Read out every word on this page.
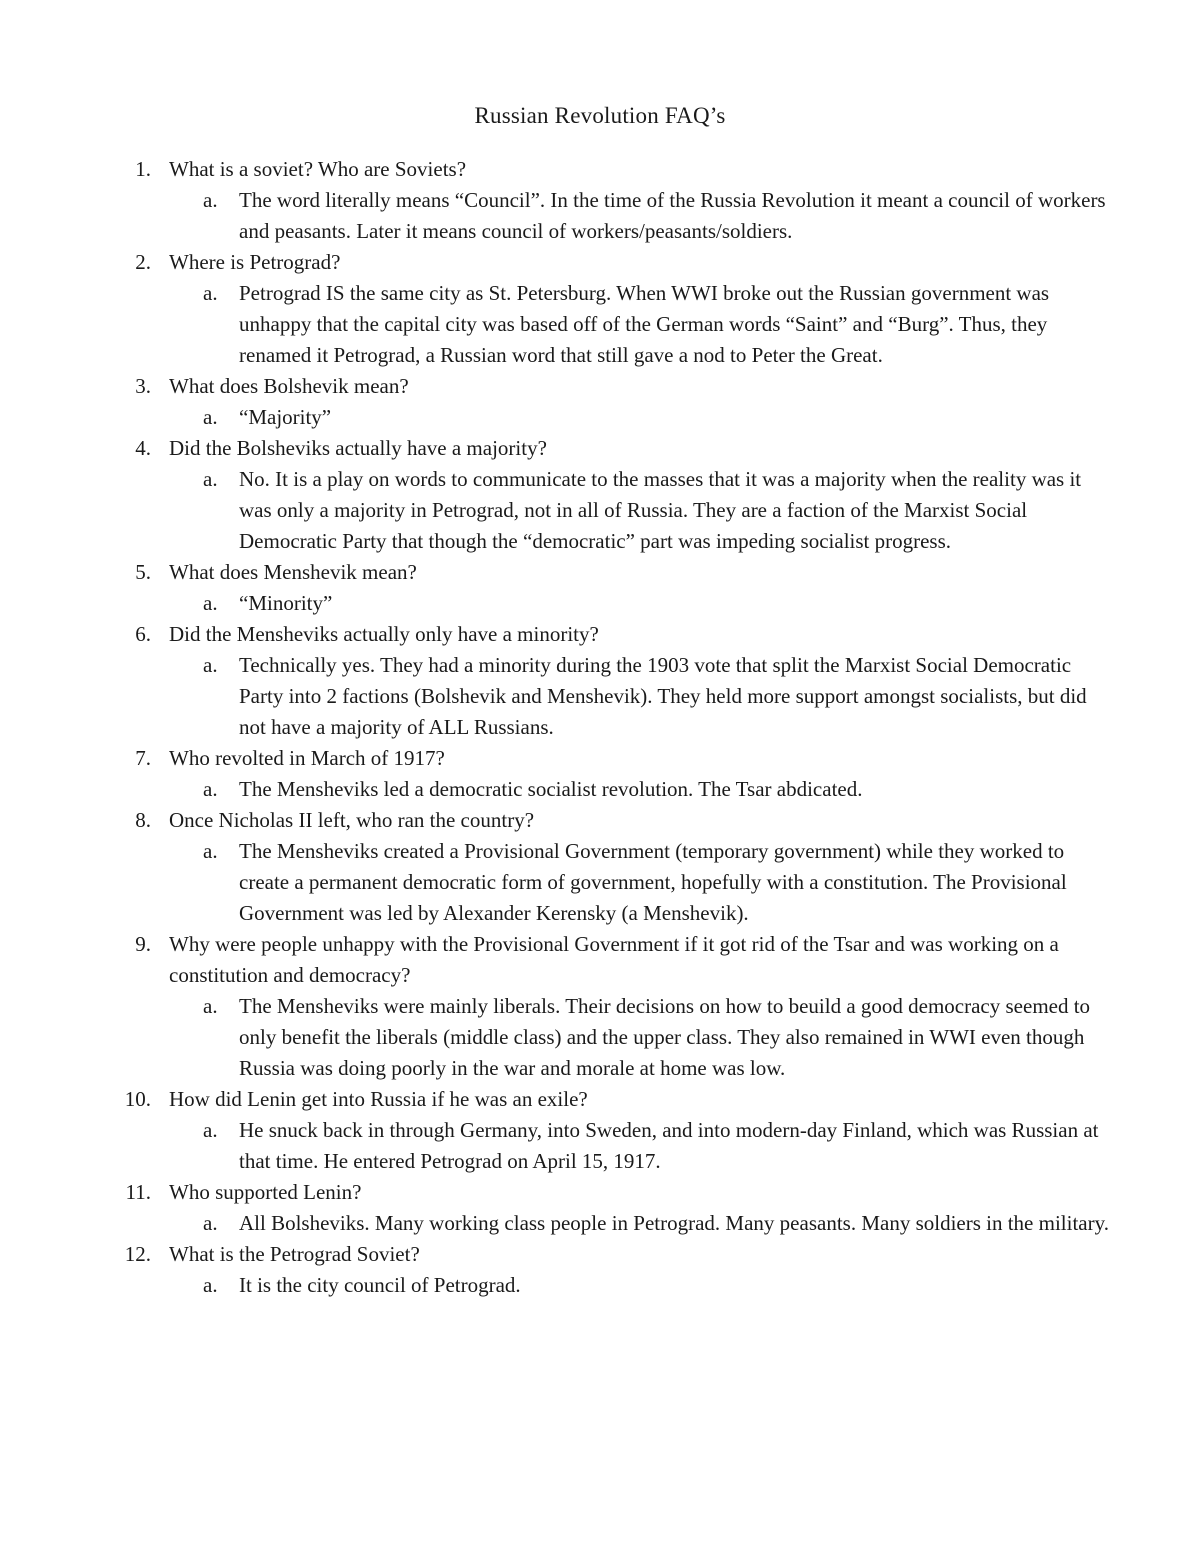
Russian Revolution FAQ’s
1. What is a soviet? Who are Soviets?
a. The word literally means “Council”. In the time of the Russia Revolution it meant a council of workers and peasants. Later it means council of workers/peasants/soldiers.
2. Where is Petrograd?
a. Petrograd IS the same city as St. Petersburg. When WWI broke out the Russian government was unhappy that the capital city was based off of the German words “Saint” and “Burg”. Thus, they renamed it Petrograd, a Russian word that still gave a nod to Peter the Great.
3. What does Bolshevik mean?
a. “Majority”
4. Did the Bolsheviks actually have a majority?
a. No. It is a play on words to communicate to the masses that it was a majority when the reality was it was only a majority in Petrograd, not in all of Russia. They are a faction of the Marxist Social Democratic Party that though the “democratic” part was impeding socialist progress.
5. What does Menshevik mean?
a. “Minority”
6. Did the Mensheviks actually only have a minority?
a. Technically yes. They had a minority during the 1903 vote that split the Marxist Social Democratic Party into 2 factions (Bolshevik and Menshevik). They held more support amongst socialists, but did not have a majority of ALL Russians.
7. Who revolted in March of 1917?
a. The Mensheviks led a democratic socialist revolution. The Tsar abdicated.
8. Once Nicholas II left, who ran the country?
a. The Mensheviks created a Provisional Government (temporary government) while they worked to create a permanent democratic form of government, hopefully with a constitution. The Provisional Government was led by Alexander Kerensky (a Menshevik).
9. Why were people unhappy with the Provisional Government if it got rid of the Tsar and was working on a constitution and democracy?
a. The Mensheviks were mainly liberals. Their decisions on how to beuild a good democracy seemed to only benefit the liberals (middle class) and the upper class. They also remained in WWI even though Russia was doing poorly in the war and morale at home was low.
10. How did Lenin get into Russia if he was an exile?
a. He snuck back in through Germany, into Sweden, and into modern-day Finland, which was Russian at that time. He entered Petrograd on April 15, 1917.
11. Who supported Lenin?
a. All Bolsheviks. Many working class people in Petrograd. Many peasants. Many soldiers in the military.
12. What is the Petrograd Soviet?
a. It is the city council of Petrograd.
